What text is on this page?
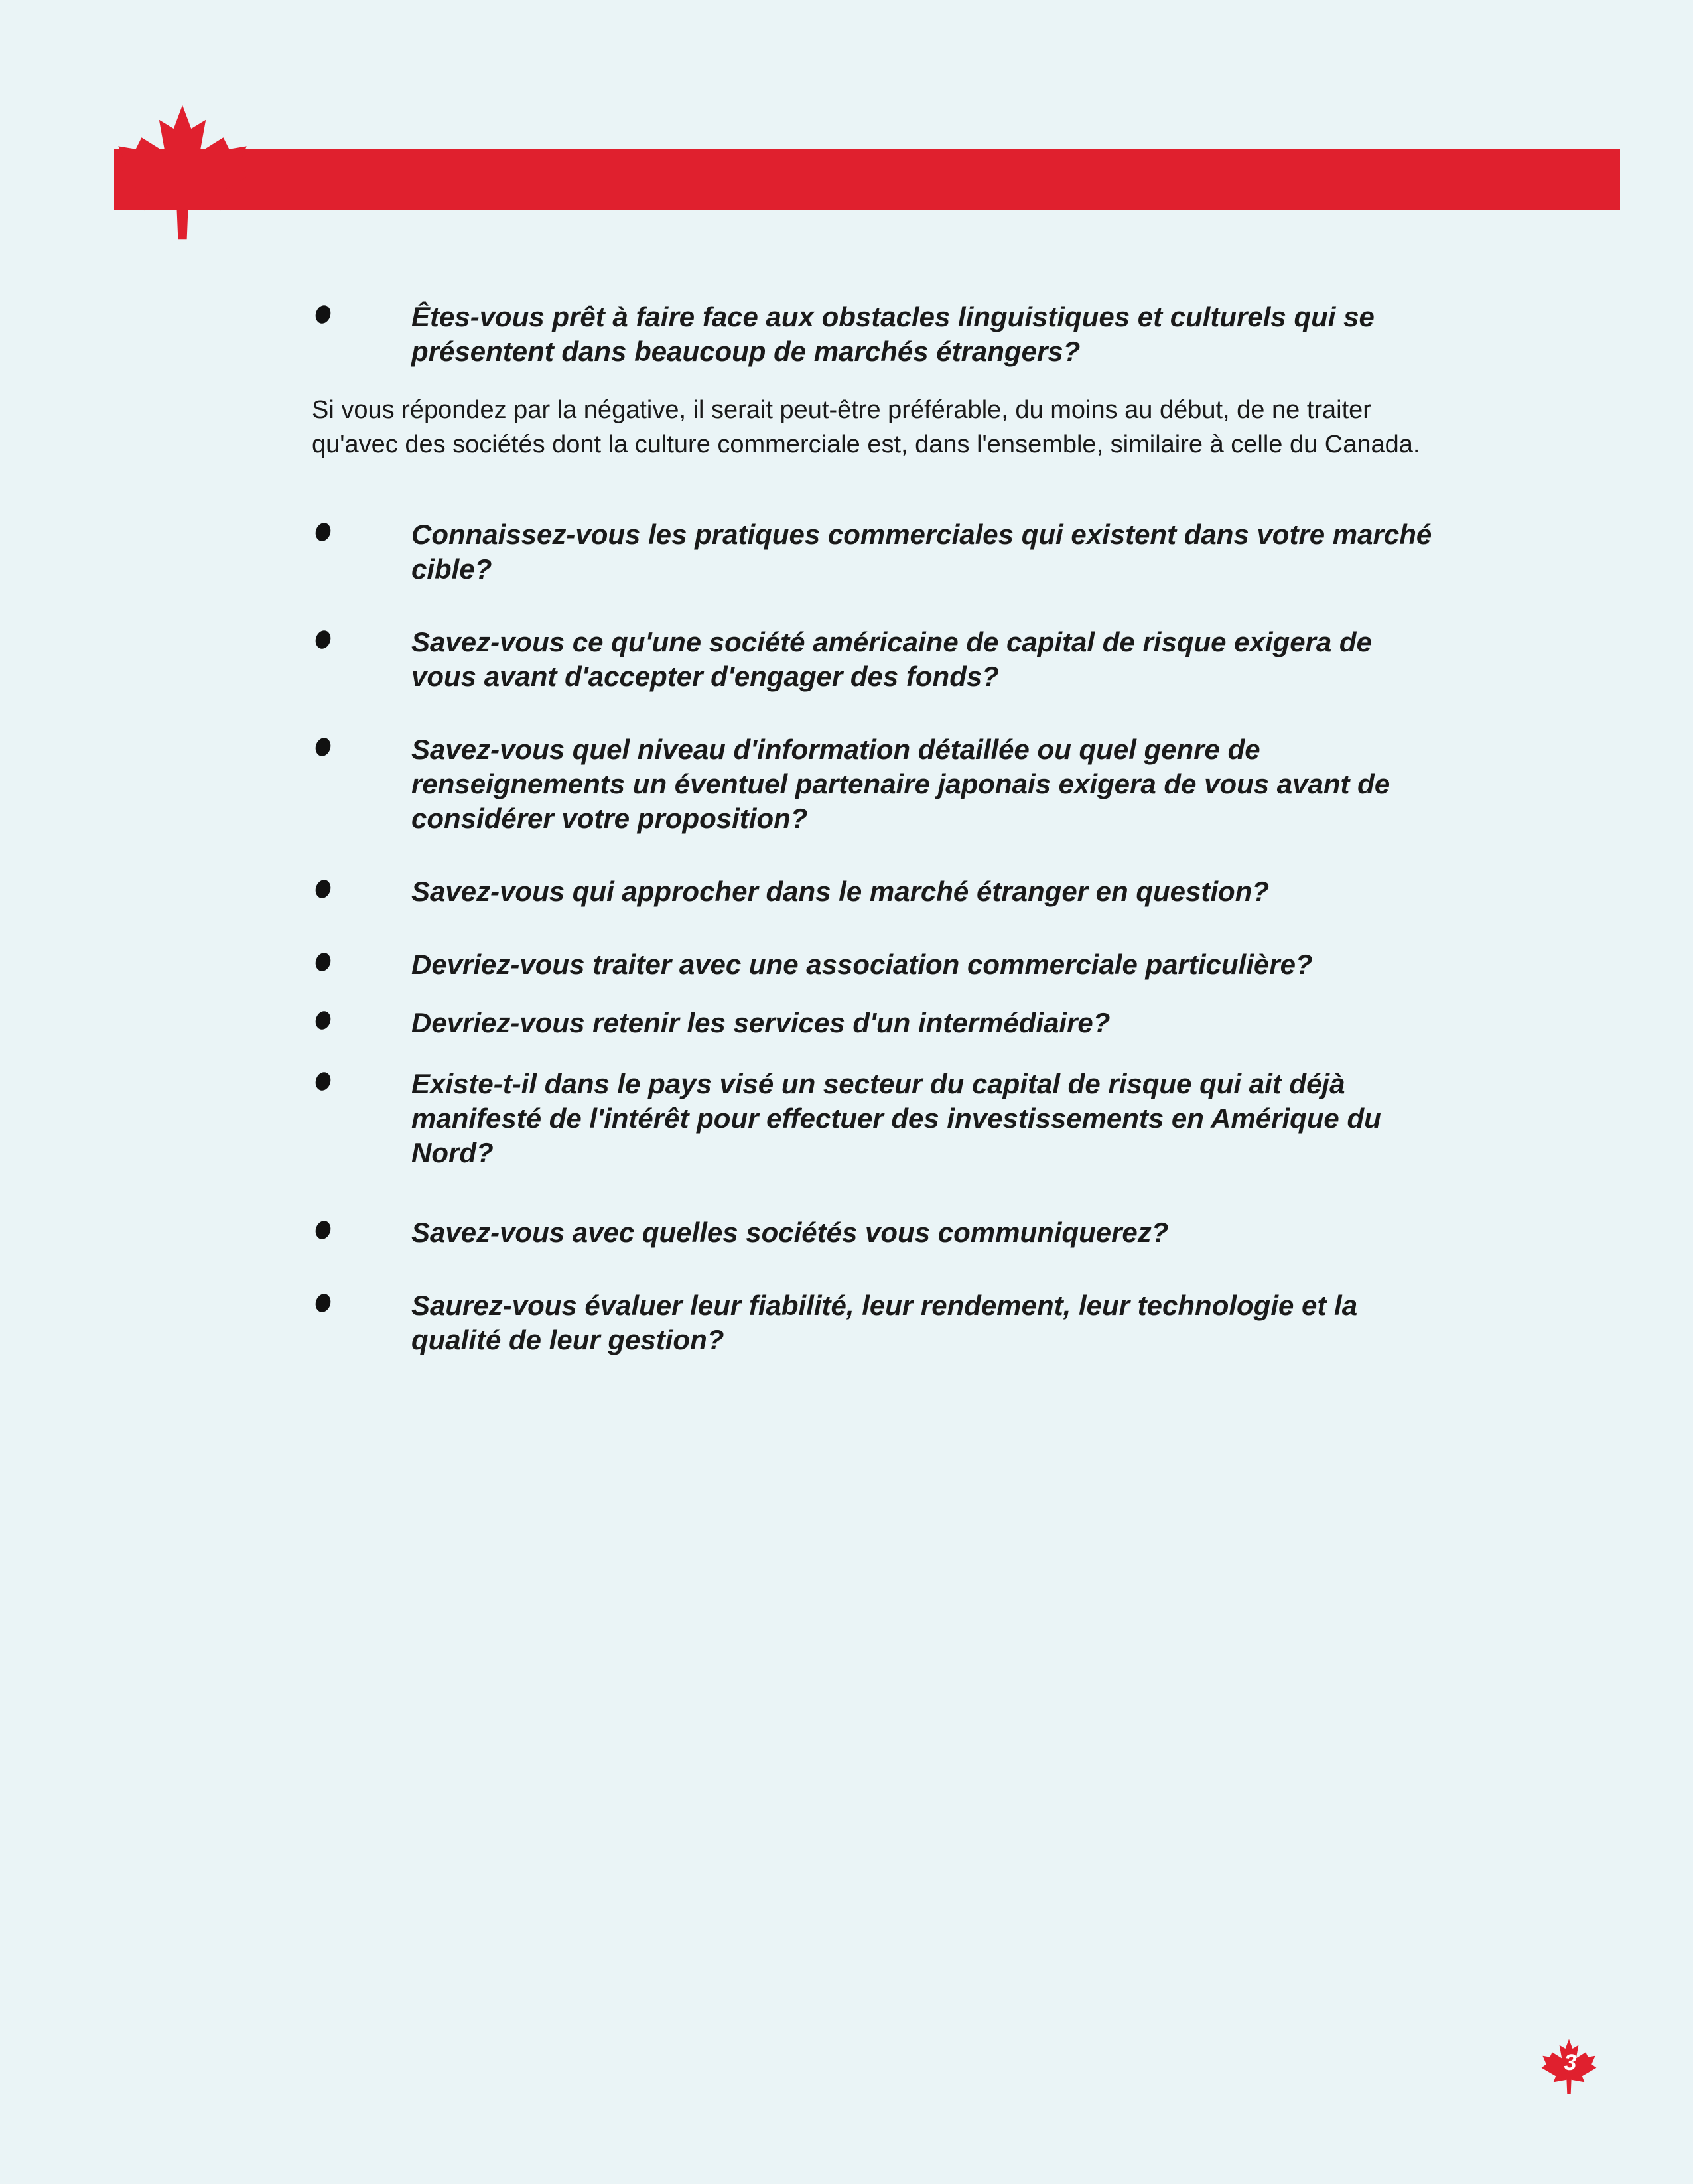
Êtes-vous prêt à faire face aux obstacles linguistiques et culturels qui se présentent dans beaucoup de marchés étrangers?
Si vous répondez par la négative, il serait peut-être préférable, du moins au début, de ne traiter qu'avec des sociétés dont la culture commerciale est, dans l'ensemble, similaire à celle du Canada.
Connaissez-vous les pratiques commerciales qui existent dans votre marché cible?
Savez-vous ce qu'une société américaine de capital de risque exigera de vous avant d'accepter d'engager des fonds?
Savez-vous quel niveau d'information détaillée ou quel genre de renseignements un éventuel partenaire japonais exigera de vous avant de considérer votre proposition?
Savez-vous qui approcher dans le marché étranger en question?
Devriez-vous traiter avec une association commerciale particulière?
Devriez-vous retenir les services d'un intermédiaire?
Existe-t-il dans le pays visé un secteur du capital de risque qui ait déjà manifesté de l'intérêt pour effectuer des investissements en Amérique du Nord?
Savez-vous avec quelles sociétés vous communiquerez?
Saurez-vous évaluer leur fiabilité, leur rendement, leur technologie et la qualité de leur gestion?
3
